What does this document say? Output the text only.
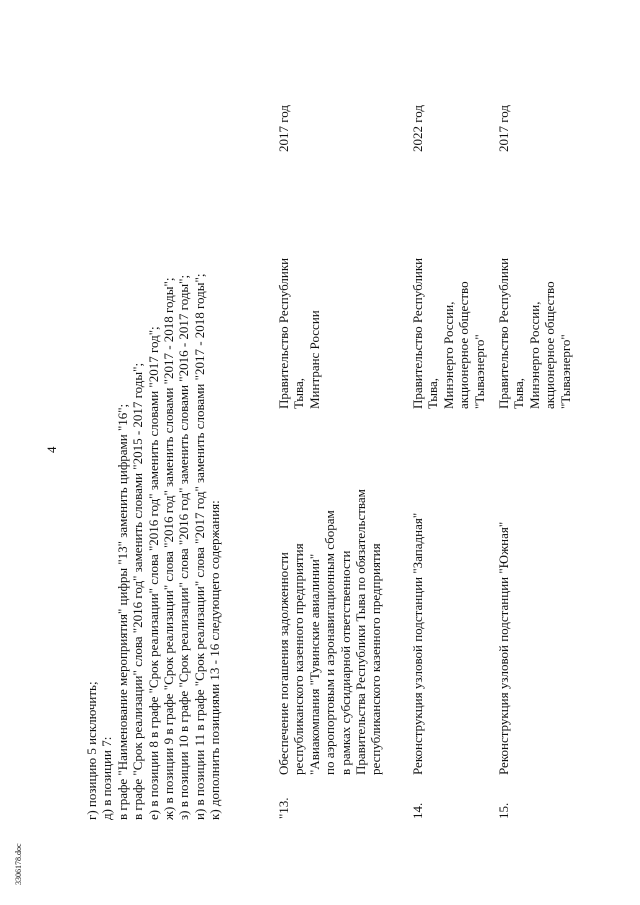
4
г) позицию 5 исключить; д) в позиции 7: в графе "Наименование мероприятия" цифры "13" заменить цифрами "16"; в графе "Срок реализации" слова "2016 год" заменить словами "2015 - 2017 годы"; е) в позиции 8 в графе "Срок реализации" слова "2016 год" заменить словами "2017 год"; ж) в позиции 9 в графе "Срок реализации" слова "2016 год" заменить словами "2017 - 2018 годы"; з) в позиции 10 в графе "Срок реализации" слова "2016 год" заменить словами "2016 - 2017 годы"; и) в позиции 11 в графе "Срок реализации" слова "2017 год" заменить словами "2017 - 2018 годы"; к) дополнить позициями 13 - 16 следующего содержания:	"13.
Обеспечение погашения задолженности республиканского казенного предприятия "Авиакомпания "Тувинские авиалинии" по аэропортовым и аэронавигационным сборам в рамках субсидиарной ответственности Правительства Республики Тыва по обязательствам республиканского казенного предприятия
Правительство Республики Тыва, Минтранс России
2017 год
14.
Реконструкция узловой подстанции "Западная"
Правительство Республики Тыва, Минэнерго России, акционерное общество "Тываэнерго"
2022 год
15.
Реконструкция узловой подстанции "Южная"
Правительство Республики Тыва, Минэнерго России, акционерное общество "Тываэнерго"
2017 год
3306178.doc
